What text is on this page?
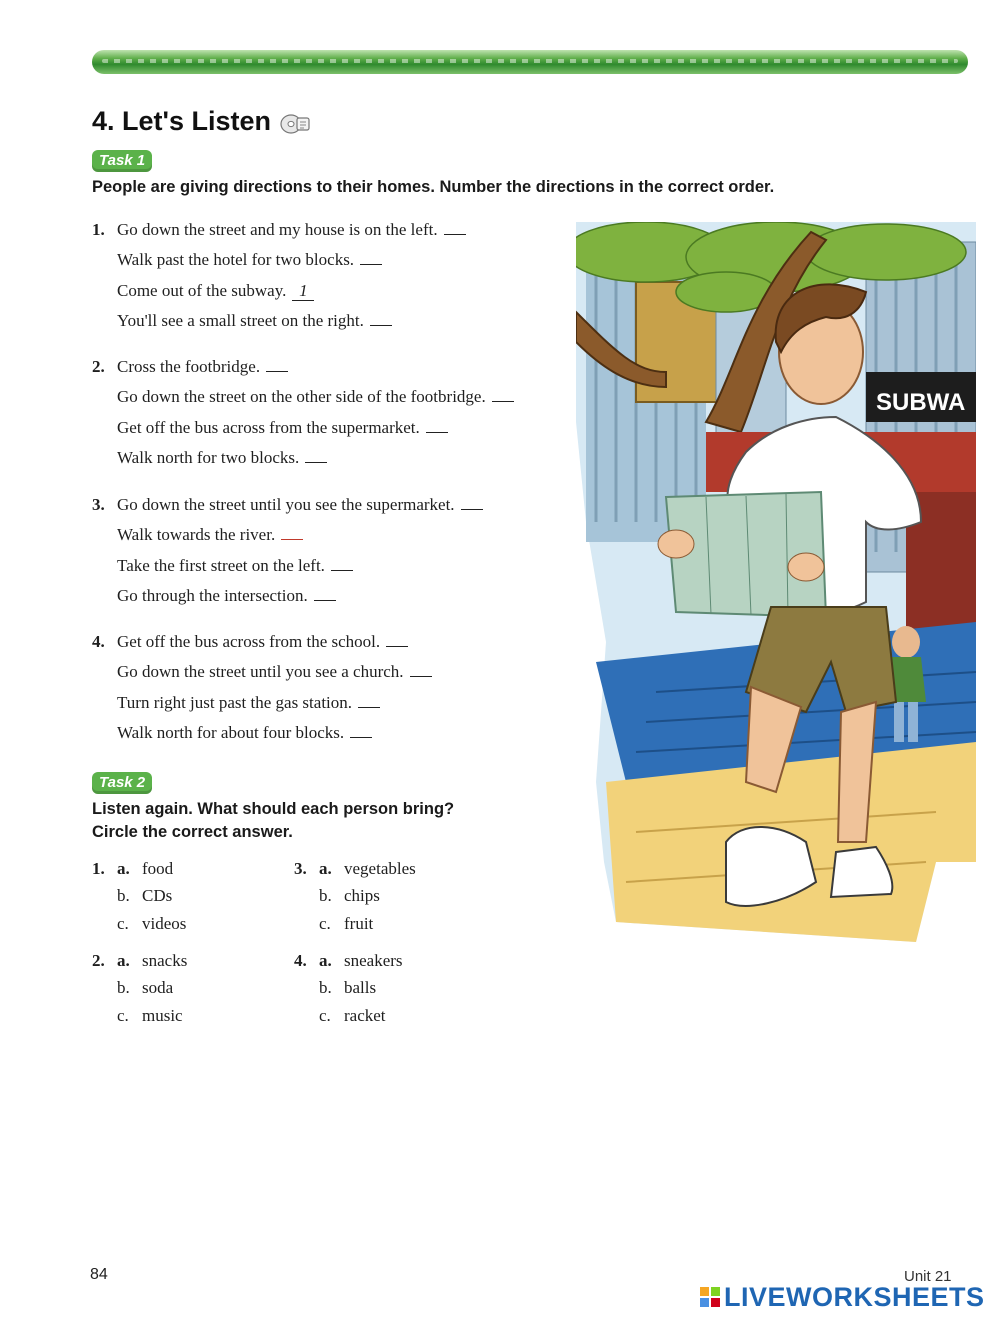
4. Let's Listen
Task 1
People are giving directions to their homes. Number the directions in the correct order.
1. Go down the street and my house is on the left.
Walk past the hotel for two blocks.
Come out of the subway. 1
You'll see a small street on the right.
2. Cross the footbridge.
Go down the street on the other side of the footbridge.
Get off the bus across from the supermarket.
Walk north for two blocks.
3. Go down the street until you see the supermarket.
Walk towards the river.
Take the first street on the left.
Go through the intersection.
4. Get off the bus across from the school.
Go down the street until you see a church.
Turn right just past the gas station.
Walk north for about four blocks.
Task 2
Listen again. What should each person bring?
Circle the correct answer.
1. a. food
b. CDs
c. videos
2. a. snacks
b. soda
c. music
3. a. vegetables
b. chips
c. fruit
4. a. sneakers
b. balls
c. racket
SUBWA
84	Unit 21
LIVEWORKSHEETS
